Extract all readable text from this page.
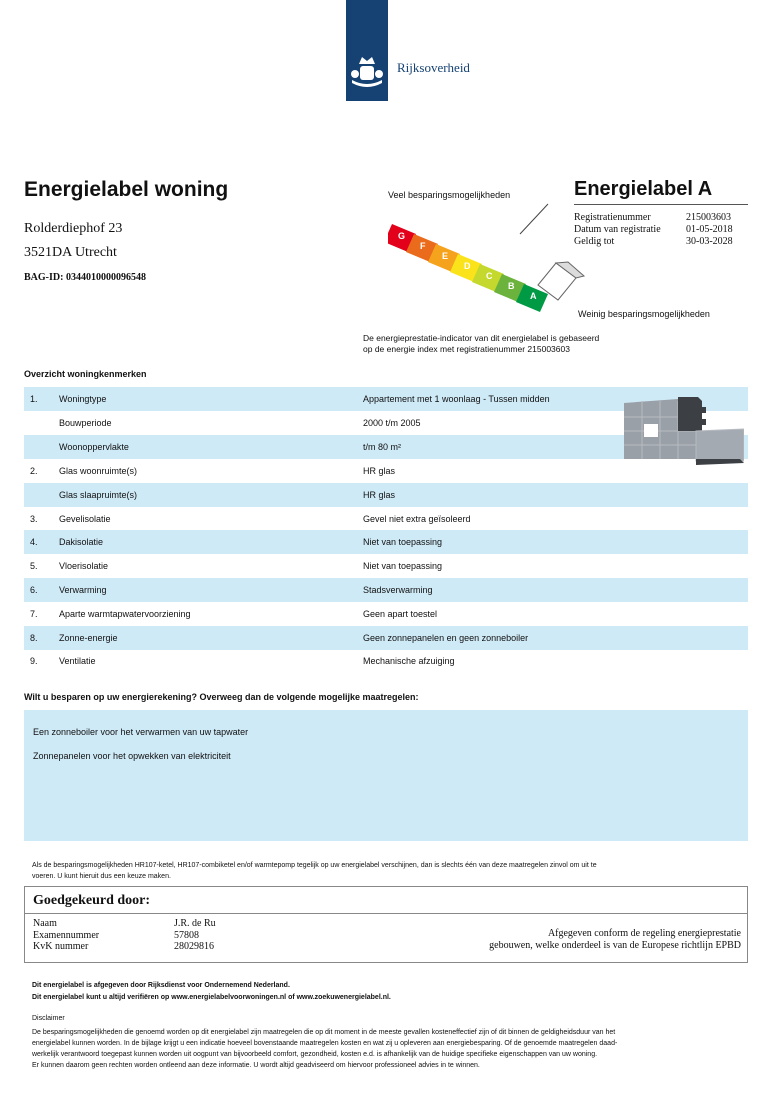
Rijksoverheid
Energielabel woning
Rolderdiephof 23
3521DA Utrecht
BAG-ID: 0344010000096548
Veel besparingsmogelijkheden
G
F
E
D
C
B
A
Energielabel A
Registratienummer	215003603
Datum van registratie	01-05-2018
Geldig tot	30-03-2028
Weinig besparingsmogelijkheden
De energieprestatie-indicator van dit energielabel is gebaseerd
op de energie index met registratienummer 215003603
Overzicht woningkenmerken
1. Woningtype	Appartement met 1 woonlaag - Tussen midden
Bouwperiode	2000 t/m 2005
Woonoppervlakte	t/m 80 m²
2. Glas woonruimte(s)	HR glas
Glas slaapruimte(s)	HR glas
3. Gevelisolatie	Gevel niet extra geïsoleerd
4. Dakisolatie	Niet van toepassing
5. Vloerisolatie	Niet van toepassing
6. Verwarming	Stadsverwarming
7. Aparte warmtapwatervoorziening	Geen apart toestel
8. Zonne-energie	Geen zonnepanelen en geen zonneboiler
9. Ventilatie	Mechanische afzuiging
Wilt u besparen op uw energierekening? Overweeg dan de volgende mogelijke maatregelen:
Een zonneboiler voor het verwarmen van uw tapwater
Zonnepanelen voor het opwekken van elektriciteit
Als de besparingsmogelijkheden HR107-ketel, HR107-combiketel en/of warmtepomp tegelijk op uw energielabel verschijnen, dan is slechts één van deze maatregelen zinvol om uit te
voeren. U kunt hieruit dus een keuze maken.
Goedgekeurd door:
Naam	J.R. de Ru
Examennummer	57808
KvK nummer	28029816
Afgegeven conform de regeling energieprestatie
gebouwen, welke onderdeel is van de Europese richtlijn EPBD
Dit energielabel is afgegeven door Rijksdienst voor Ondernemend Nederland.
Dit energielabel kunt u altijd verifiëren op www.energielabelvoorwoningen.nl of www.zoekuwenergielabel.nl.
Disclaimer
De besparingsmogelijkheden die genoemd worden op dit energielabel zijn maatregelen die op dit moment in de meeste gevallen kosteneffectief zijn of dit binnen de geldigheidsduur van het
energielabel kunnen worden. In de bijlage krijgt u een indicatie hoeveel bovenstaande maatregelen kosten en wat zij u opleveren aan energiebesparing. Of de genoemde maatregelen daad-
werkelijk verantwoord toegepast kunnen worden uit oogpunt van bijvoorbeeld comfort, gezondheid, kosten e.d. is afhankelijk van de huidige specifieke eigenschappen van uw woning.
Er kunnen daarom geen rechten worden ontleend aan deze informatie. U wordt altijd geadviseerd om hiervoor professioneel advies in te winnen.
